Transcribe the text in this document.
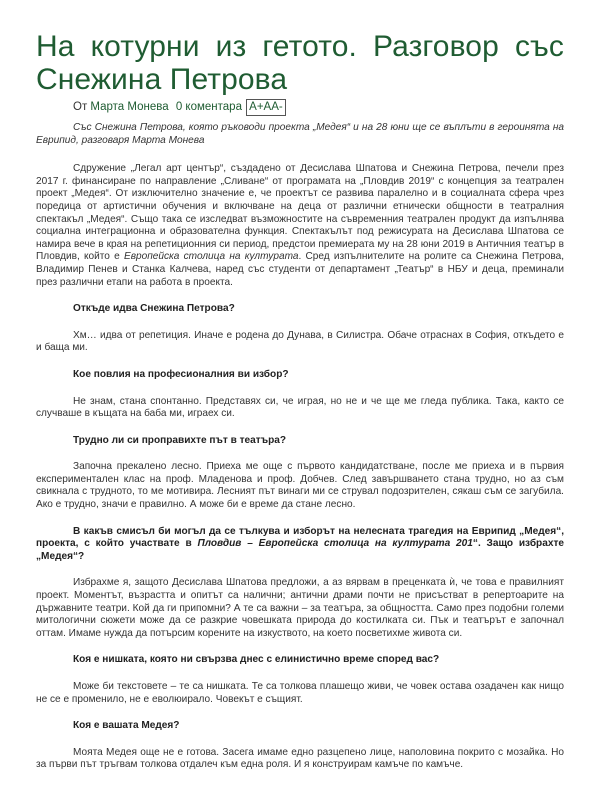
На котурни из гетото. Разговор със Снежина Петрова
От Марта Монева 0 коментара A+AA-
Със Снежина Петрова, която ръководи проекта „Медея“ и на 28 юни ще се въплъти в героинята на Еврипид, разговаря Марта Монева
Сдружение „Легал арт център“, създадено от Десислава Шпатова и Снежина Петрова, печели през 2017 г. финансиране по направление „Сливане“ от програмата на „Пловдив 2019“ с концепция за театрален проект „Медея“. От изключително значение е, че проектът се развива паралелно и в социалната сфера чрез поредица от артистични обучения и включване на деца от различни етнически общности в театралния спектакъл „Медея“. Също така се изследват възможностите на съвременния театрален продукт да изпълнява социална интеграционна и образователна функция. Спектакълът под режисурата на Десислава Шпатова се намира вече в края на репетиционния си период, предстои премиерата му на 28 юни 2019 в Античния театър в Пловдив, който е Европейска столица на културата. Сред изпълнителите на ролите са Снежина Петрова, Владимир Пенев и Станка Калчева, наред със студенти от департамент „Театър“ в НБУ и деца, преминали през различни етапи на работа в проекта.
Откъде идва Снежина Петрова?
Хм… идва от репетиция. Иначе е родена до Дунава, в Силистра. Обаче отраснах в София, откъдето е и баща ми.
Кое повлия на професионалния ви избор?
Не знам, стана спонтанно. Представях си, че играя, но не и че ще ме гледа публика. Така, както се случваше в къщата на баба ми, играех си.
Трудно ли си проправихте път в театъра?
Започна прекалено лесно. Приеха ме още с първото кандидатстване, после ме приеха и в първия експериментален клас на проф. Младенова и проф. Добчев. След завършването стана трудно, но аз съм свикнала с трудното, то ме мотивира. Лесният път винаги ми се струвал подозрителен, сякаш съм се загубила. Ако е трудно, значи е правилно. А може би е време да стане лесно.
В какъв смисъл би могъл да се тълкува и изборът на нелесната трагедия на Еврипид „Медея“, проекта, с който участвате в Пловдив – Европейска столица на културата 201“. Защо избрахте „Медея“?
Избрахме я, защото Десислава Шпатова предложи, а аз вярвам в преценката ѝ, че това е правилният проект. Моментът, възрастта и опитът са налични; антични драми почти не присъстват в репертоарите на държавните театри. Кой да ги припомни? А те са важни – за театъра, за общността. Само през подобни големи митологични сюжети може да се разкрие човешката природа до костилката си. Пък и театърът е започнал оттам. Имаме нужда да потърсим корените на изкуството, на което посветихме живота си.
Коя е нишката, която ни свързва днес с елинистично време според вас?
Може би текстовете – те са нишката. Те са толкова плашещо живи, че човек остава озадачен как нищо не се е променило, не е еволюирало. Човекът е същият.
Коя е вашата Медея?
Моята Медея още не е готова. Засега имаме едно разцепено лице, наполовина покрито с мозайка. Но за първи път тръгвам толкова отдалеч към една роля. И я конструирам камъче по камъче.
